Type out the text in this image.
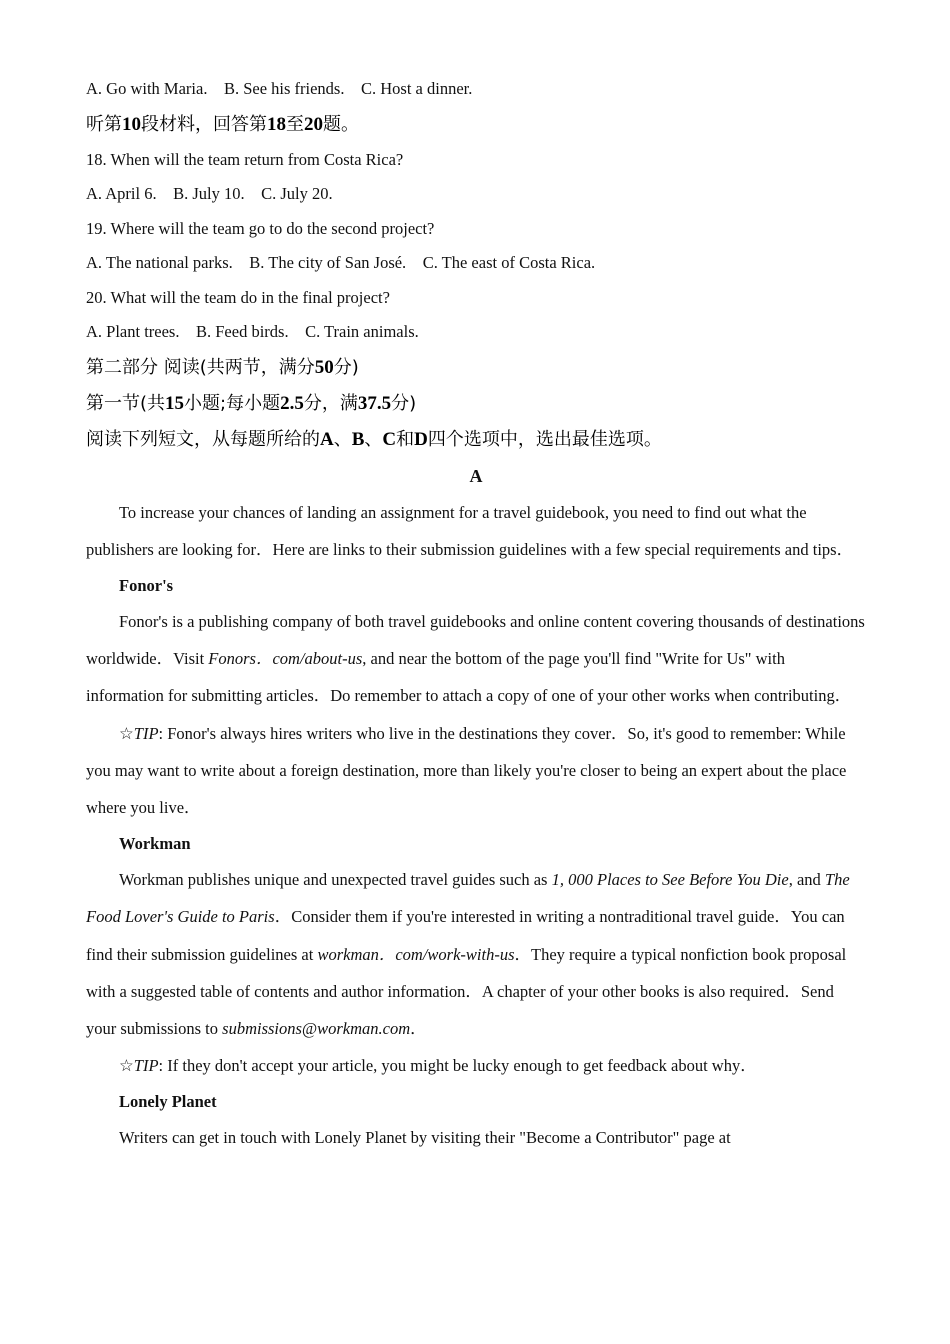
A. Go with Maria. B. See his friends. C. Host a dinner.
听第10段材料，回答第18至20题。
18. When will the team return from Costa Rica?
A. April 6. B. July 10. C. July 20.
19. Where will the team go to do the second project?
A. The national parks. B. The city of San José. C. The east of Costa Rica.
20. What will the team do in the final project?
A. Plant trees. B. Feed birds. C. Train animals.
第二部分 阅读(共两节，满分50分)
第一节(共15小题;每小题2.5分，满37.5分)
阅读下列短文，从每题所给的A、B、C和D四个选项中，选出最佳选项。
A

To increase your chances of landing an assignment for a travel guidebook, you need to find out what the publishers are looking for．Here are links to their submission guidelines with a few special requirements and tips．

Fonor's

Fonor's is a publishing company of both travel guidebooks and online content covering thousands of destinations worldwide．Visit Fonors．com/about-us, and near the bottom of the page you'll find "Write for Us" with information for submitting articles．Do remember to attach a copy of one of your other works when contributing．

☆TIP: Fonor's always hires writers who live in the destinations they cover．So, it's good to remember: While you may want to write about a foreign destination, more than likely you're closer to being an expert about the place where you live．

Workman

Workman publishes unique and unexpected travel guides such as 1, 000 Places to See Before You Die, and The Food Lover's Guide to Paris．Consider them if you're interested in writing a nontraditional travel guide．You can find their submission guidelines at workman．com/work-with-us．They require a typical nonfiction book proposal with a suggested table of contents and author information．A chapter of your other books is also required．Send your submissions to submissions@workman.com．

☆TIP: If they don't accept your article, you might be lucky enough to get feedback about why．

Lonely Planet

Writers can get in touch with Lonely Planet by visiting their "Become a Contributor" page at
